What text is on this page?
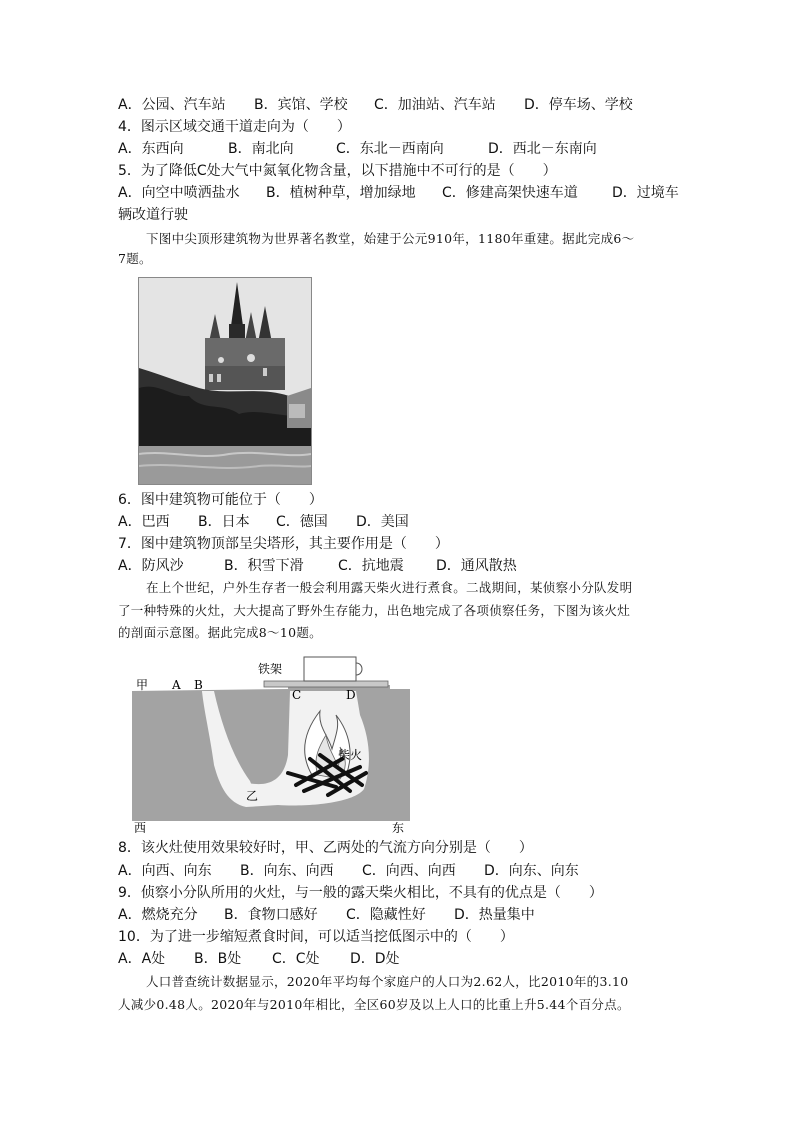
A．公园、汽车站 B．宾馆、学校 C．加油站、汽车站 D．停车场、学校
4．图示区域交通干道走向为（　　）
A．东西向	B．南北向	C．东北－西南向	D．西北－东南向
5．为了降低C处大气中氮氧化物含量，以下措施中不可行的是（　　）
A．向空中喷洒盐水 B．植树种草，增加绿地 C．修建高架快速车道 D．过境车
辆改道行驶
下图中尖顶形建筑物为世界著名教堂，始建于公元910年，1180年重建。据此完成6～
7题。
6．图中建筑物可能位于（　　）
A．巴西 B．日本 C．德国 D．美国
7．图中建筑物顶部呈尖塔形，其主要作用是（　　）
A．防风沙	B．积雪下滑 C．抗地震 D．通风散热
在上个世纪，户外生存者一般会利用露天柴火进行煮食。二战期间，某侦察小分队发明
了一种特殊的火灶，大大提高了野外生存能力，出色地完成了各项侦察任务，下图为该火灶
的剖面示意图。据此完成8～10题。
甲 A B
铁架
C	D
柴火
乙
西	东
8．该火灶使用效果较好时，甲、乙两处的气流方向分别是（　　）
A．向西、向东 B．向东、向西 C．向西、向西 D．向东、向东
9．侦察小分队所用的火灶，与一般的露天柴火相比，不具有的优点是（　　）
A．燃烧充分 B．食物口感好 C．隐藏性好 D．热量集中
10．为了进一步缩短煮食时间，可以适当挖低图示中的（　　）
A．A处 B．B处 C．C处 D．D处
人口普查统计数据显示，2020年平均每个家庭户的人口为2.62人，比2010年的3.10
人减少0.48人。2020年与2010年相比，全区60岁及以上人口的比重上升5.44个百分点。
